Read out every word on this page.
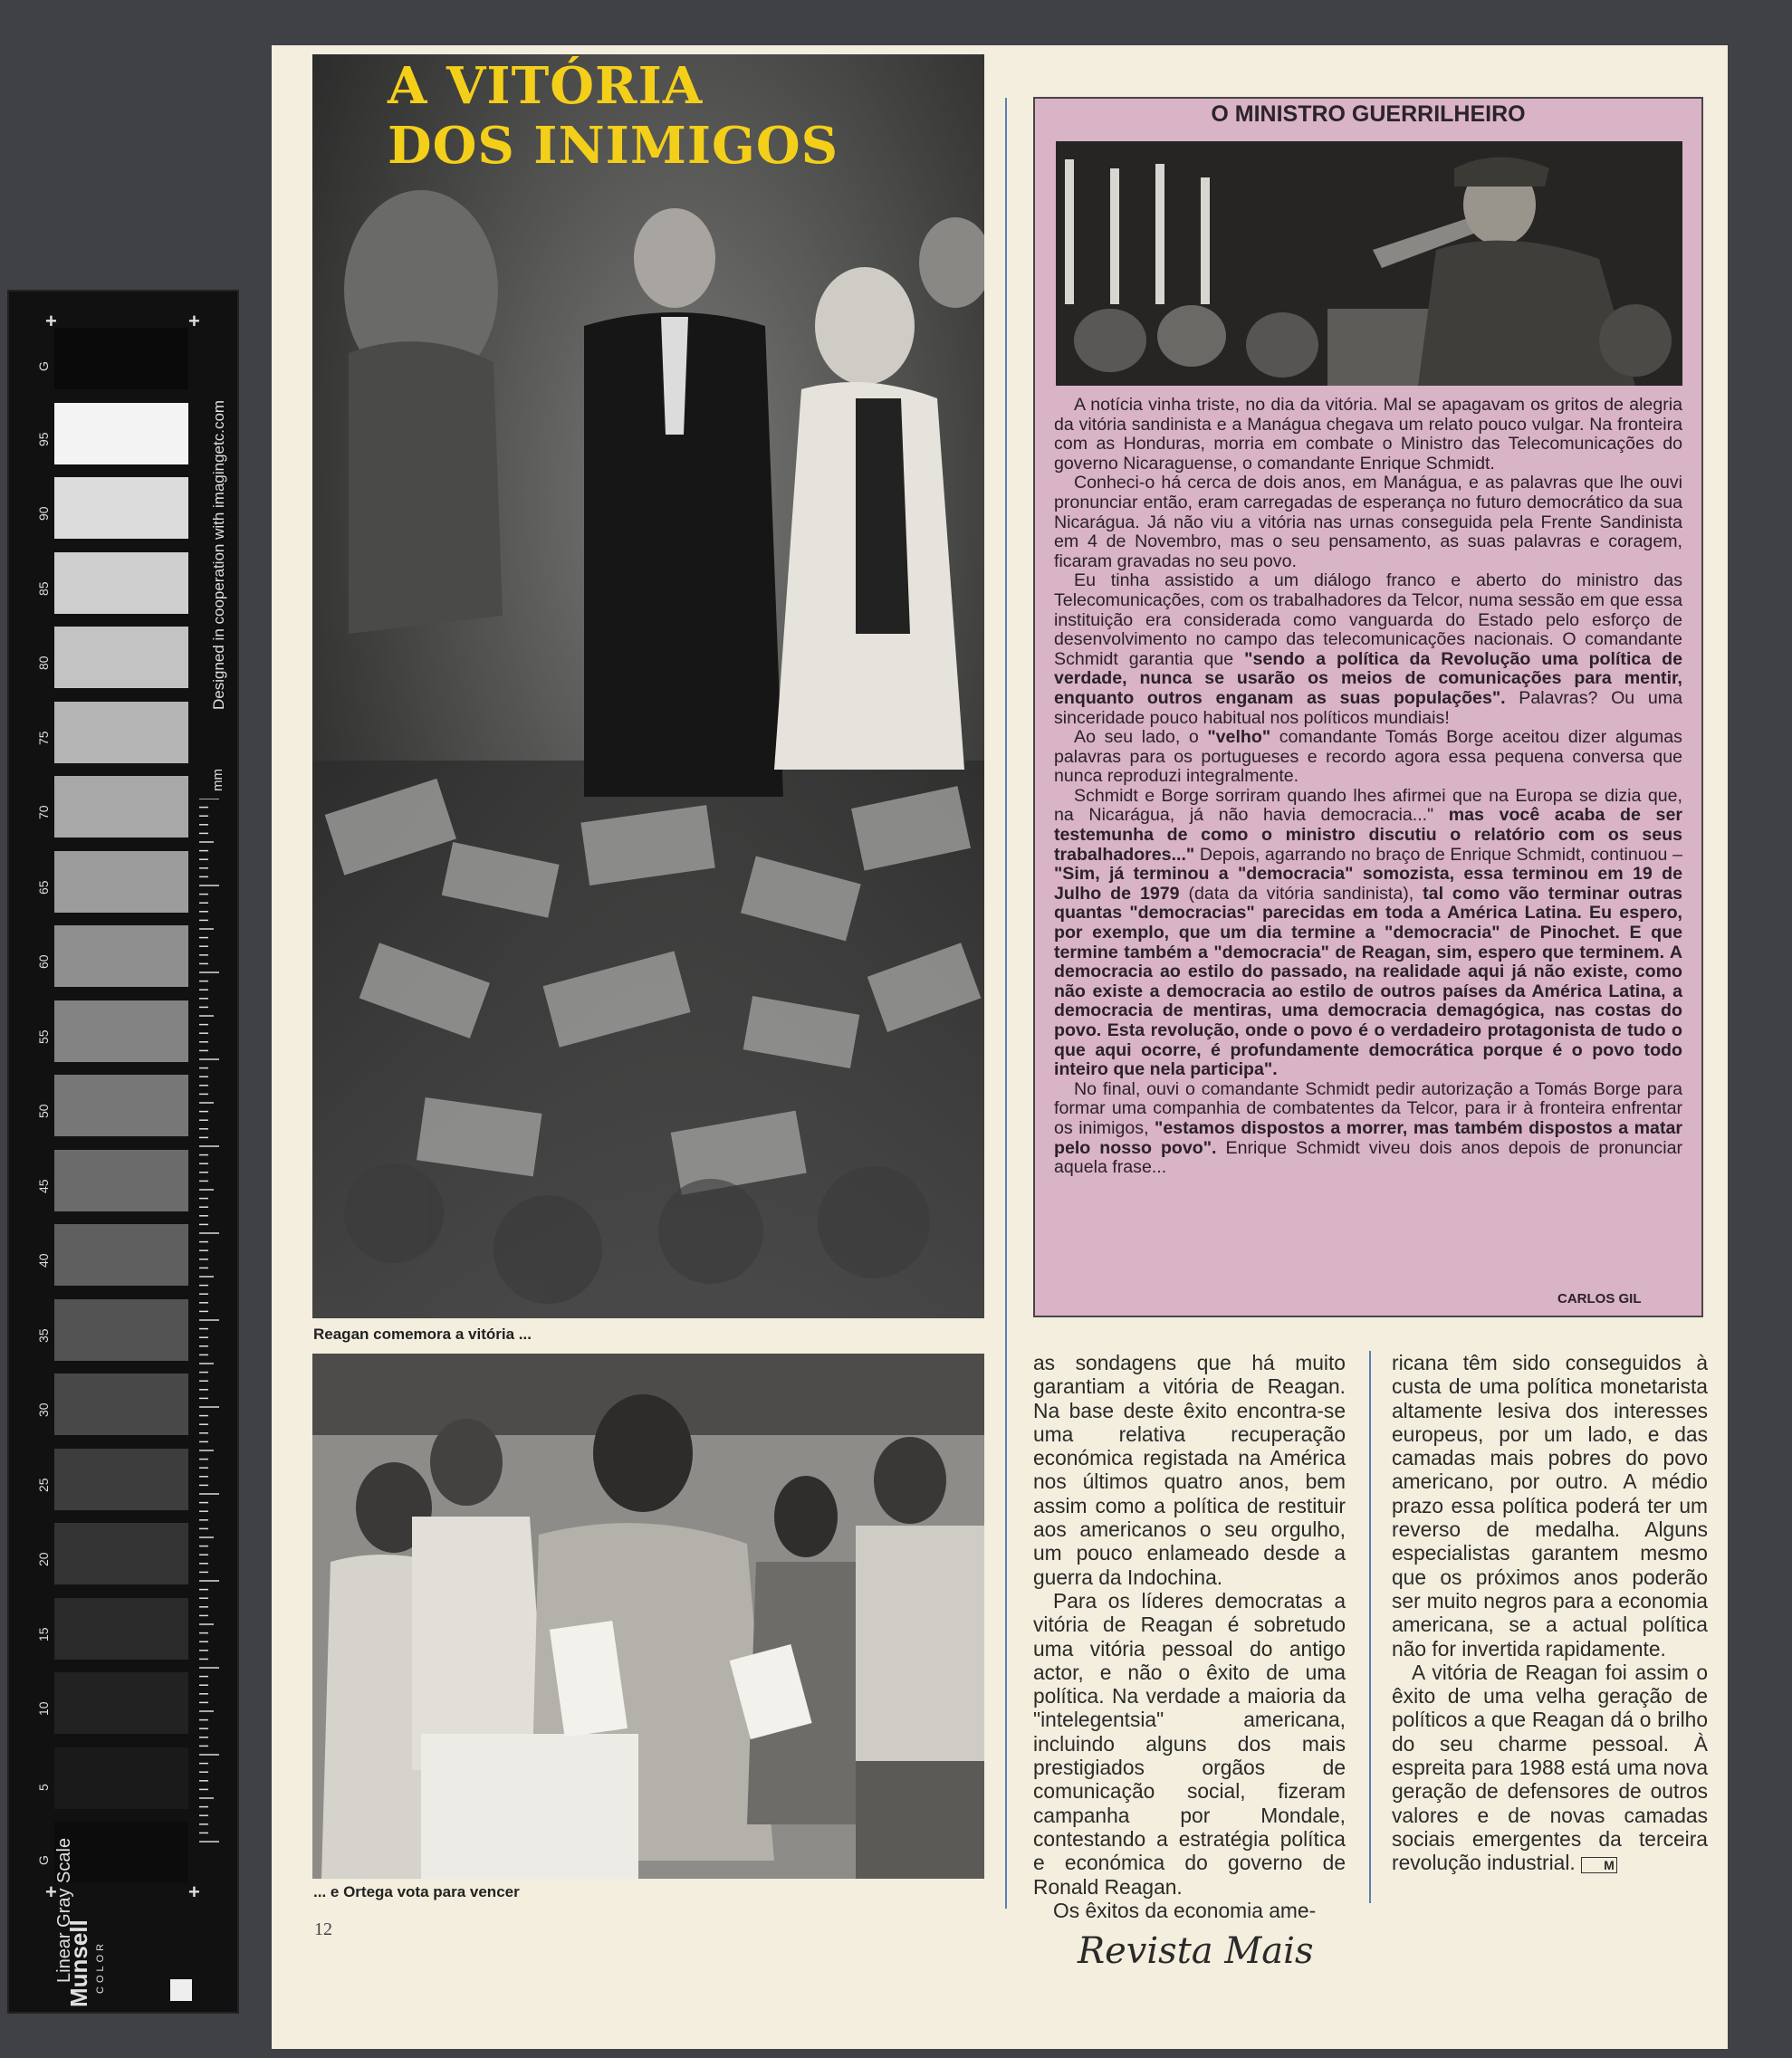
G
95
90
85
80
75
70
65
60
55
50
45
40
35
30
25
20
15
10
5
G
+	+
+	+
mm
Designed in cooperation with imagingetc.com
Linear Gray Scale
Munsell COLOR
A VITÓRIA
DOS INIMIGOS
Reagan comemora a vitória ...
... e Ortega vota para vencer
O MINISTRO GUERRILHEIRO

A notícia vinha triste, no dia da vitória. Mal se apagavam os gritos de alegria da vitória sandinista e a Manágua chegava um relato pouco vulgar. Na fronteira com as Honduras, morria em combate o Ministro das Telecomunicações do governo Nicaraguense, o comandante Enrique Schmidt.

Conheci-o há cerca de dois anos, em Manágua, e as palavras que lhe ouvi pronunciar então, eram carregadas de esperança no futuro democrático da sua Nicarágua. Já não viu a vitória nas urnas conseguida pela Frente Sandinista em 4 de Novembro, mas o seu pensamento, as suas palavras e coragem, ficaram gravadas no seu povo.

Eu tinha assistido a um diálogo franco e aberto do ministro das Telecomunicações, com os trabalhadores da Telcor, numa sessão em que essa instituição era considerada como vanguarda do Estado pelo esforço de desenvolvimento no campo das telecomunicações nacionais. O comandante Schmidt garantia que "sendo a política da Revolução uma política de verdade, nunca se usarão os meios de comunicações para mentir, enquanto outros enganam as suas populações". Palavras? Ou uma sinceridade pouco habitual nos políticos mundiais!

Ao seu lado, o "velho" comandante Tomás Borge aceitou dizer algumas palavras para os portugueses e recordo agora essa pequena conversa que nunca reproduzi integralmente.

Schmidt e Borge sorriram quando lhes afirmei que na Europa se dizia que, na Nicarágua, já não havia democracia..." mas você acaba de ser testemunha de como o ministro discutiu o relatório com os seus trabalhadores..." Depois, agarrando no braço de Enrique Schmidt, continuou – "Sim, já terminou a "democracia" somozista, essa terminou em 19 de Julho de 1979 (data da vitória sandinista), tal como vão terminar outras quantas "democracias" parecidas em toda a América Latina. Eu espero, por exemplo, que um dia termine a "democracia" de Pinochet. E que termine também a "democracia" de Reagan, sim, espero que terminem. A democracia ao estilo do passado, na realidade aqui já não existe, como não existe a democracia ao estilo de outros países da América Latina, a democracia de mentiras, uma democracia demagógica, nas costas do povo. Esta revolução, onde o povo é o verdadeiro protagonista de tudo o que aqui ocorre, é profundamente democrática porque é o povo todo inteiro que nela participa".

No final, ouvi o comandante Schmidt pedir autorização a Tomás Borge para formar uma companhia de combatentes da Telcor, para ir à fronteira enfrentar os inimigos, "estamos dispostos a morrer, mas também dispostos a matar pelo nosso povo". Enrique Schmidt viveu dois anos depois de pronunciar aquela frase...

CARLOS GIL

as sondagens que há muito garantiam a vitória de Reagan. Na base deste êxito encontra-se uma relativa recuperação económica registada na América nos últimos quatro anos, bem assim como a política de restituir aos americanos o seu orgulho, um pouco enlameado desde a guerra da Indochina.

Para os líderes democratas a vitória de Reagan é sobretudo uma vitória pessoal do antigo actor, e não o êxito de uma política. Na verdade a maioria da "intelegentsia" americana, incluindo alguns dos mais prestigiados orgãos de comunicação social, fizeram campanha por Mondale, contestando a estratégia política e económica do governo de Ronald Reagan.

Os êxitos da economia ame-

ricana têm sido conseguidos à custa de uma política monetarista altamente lesiva dos interesses europeus, por um lado, e das camadas mais pobres do povo americano, por outro. A médio prazo essa política poderá ter um reverso de medalha. Alguns especialistas garantem mesmo que os próximos anos poderão ser muito negros para a economia americana, se a actual política não for invertida rapidamente.

A vitória de Reagan foi assim o êxito de uma velha geração de políticos a que Reagan dá o brilho do seu charme pessoal. À espreita para 1988 está uma nova geração de defensores de outros valores e de novas camadas sociais emergentes da terceira revolução industrial. M

12
Revista Mais
